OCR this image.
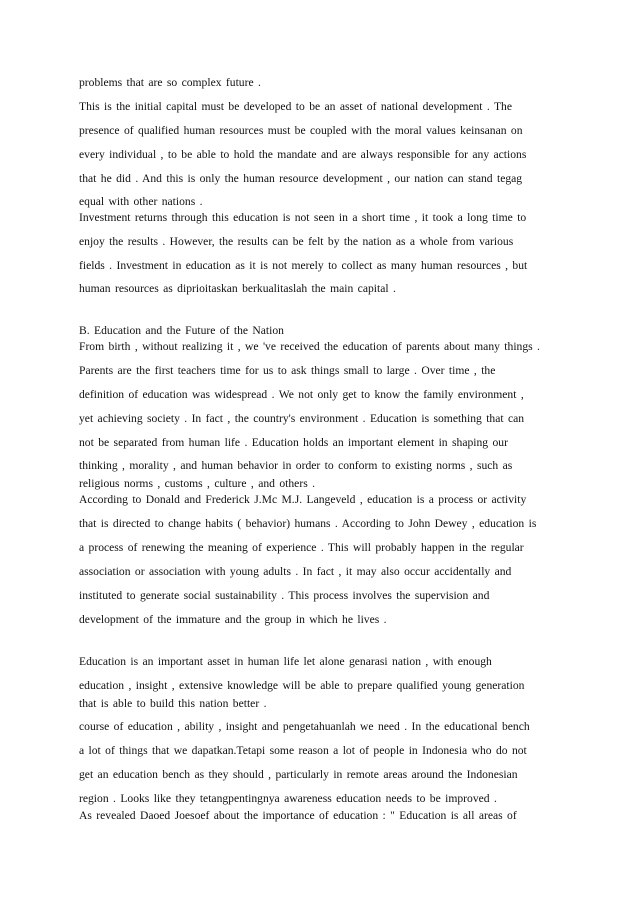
problems that are so complex future .

This is the initial capital must be developed to be an asset of national development . The

presence of qualified human resources must be coupled with the moral values keinsanan on

every individual , to be able to hold the mandate and are always responsible for any actions

that he did . And this is only the human resource development , our nation can stand tegag

equal with other nations .

Investment returns through this education is not seen in a short time , it took a long time to

enjoy the results . However, the results can be felt by the nation as a whole from various

fields . Investment in education as it is not merely to collect as many human resources , but

human resources as diprioitaskan berkualitaslah the main capital .

B. Education and the Future of the Nation

From birth , without realizing it , we 've received the education of parents about many things .

Parents are the first teachers time for us to ask things small to large . Over time , the

definition of education was widespread . We not only get to know the family environment ,

yet achieving society . In fact , the country's environment . Education is something that can

not be separated from human life . Education holds an important element in shaping our

thinking , morality , and human behavior in order to conform to existing norms , such as

religious norms , customs , culture , and others .

According to Donald and Frederick J.Mc M.J. Langeveld , education is a process or activity

that is directed to change habits ( behavior) humans . According to John Dewey , education is

a process of renewing the meaning of experience . This will probably happen in the regular

association or association with young adults . In fact , it may also occur accidentally and

instituted to generate social sustainability . This process involves the supervision and

development of the immature and the group in which he lives .

Education is an important asset in human life let alone genarasi nation , with enough

education , insight , extensive knowledge will be able to prepare qualified young generation

that is able to build this nation better .

course of education , ability , insight and pengetahuanlah we need . In the educational bench

a lot of things that we dapatkan.Tetapi some reason a lot of people in Indonesia who do not

get an education bench as they should , particularly in remote areas around the Indonesian

region . Looks like they tetangpentingnya awareness education needs to be improved .

As revealed Daoed Joesoef about the importance of education : " Education is all areas of
